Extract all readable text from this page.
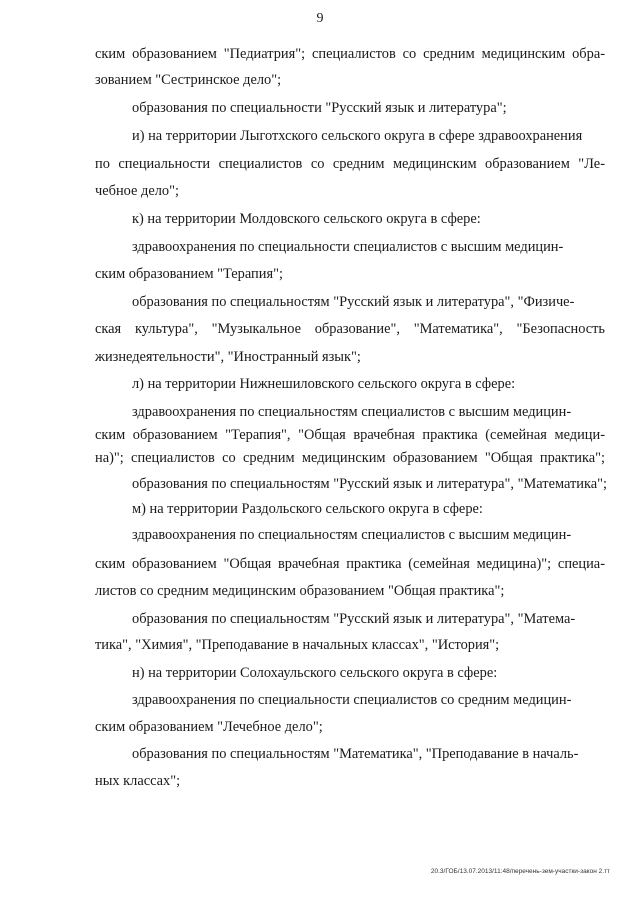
9
ским образованием "Педиатрия"; специалистов со средним медицинским обра-
зованием "Сестринское дело";
образования по специальности "Русский язык и литература";
и) на территории Лыготхского сельского округа в сфере здравоохранения
по специальности специалистов со средним медицинским образованием "Ле-
чебное дело";
к) на территории Молдовского сельского округа в сфере:
здравоохранения по специальности специалистов с высшим медицин-
ским образованием "Терапия";
образования по специальностям "Русский язык и литература", "Физиче-
ская культура", "Музыкальное образование", "Математика", "Безопасность
жизнедеятельности", "Иностранный язык";
л) на территории Нижнешиловского сельского округа в сфере:
здравоохранения по специальностям специалистов с высшим медицин-
ским образованием "Терапия", "Общая врачебная практика (семейная медици-
на)"; специалистов со средним медицинским образованием "Общая практика";
образования по специальностям "Русский язык и литература", "Математика";
м) на территории Раздольского сельского округа в сфере:
здравоохранения по специальностям специалистов с высшим медицин-
ским образованием "Общая врачебная практика (семейная медицина)"; специа-
листов со средним медицинским образованием "Общая практика";
образования по специальностям "Русский язык и литература", "Матема-
тика", "Химия", "Преподавание в начальных классах", "История";
н) на территории Солохаульского сельского округа в сфере:
здравоохранения по специальности специалистов со средним медицин-
ским образованием "Лечебное дело";
образования по специальностям "Математика", "Преподавание в началь-
ных классах";
20.3/ГОБ/13.07.2013/11:48/перечень-зем-участки-закон 2.тт
